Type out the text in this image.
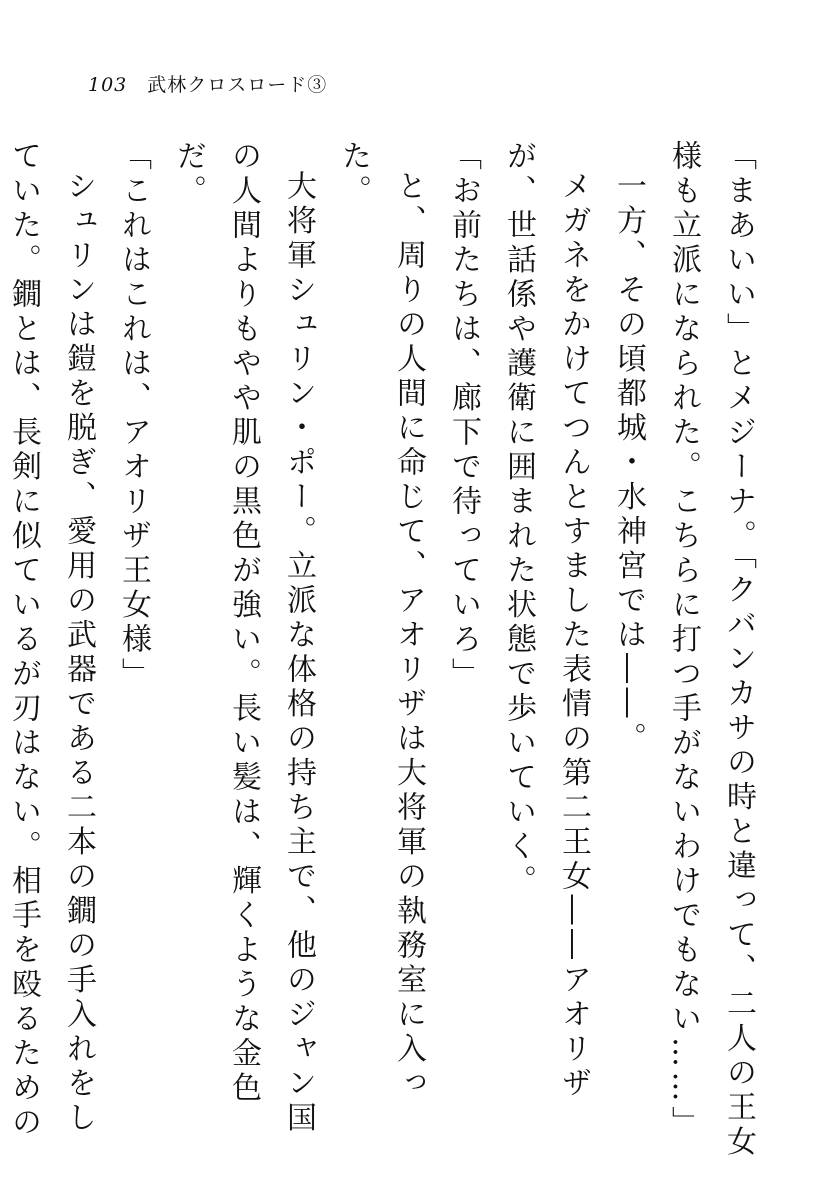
103 武林クロスロード③

「まあいい」とメジーナ。「クバンカサの時と違って、二人の王女様も立派になられた。こちらに打つ手がないわけでもない……」

一方、その頃都城・水神宮では――。

メガネをかけてつんとすました表情の第二王女――アオリザが、世話係や護衛に囲まれた状態で歩いていく。

「お前たちは、廊下で待っていろ」

と、周りの人間に命じて、アオリザは大将軍の執務室に入った。

大将軍シュリン・ポー。立派な体格の持ち主で、他のジャン国の人間よりもやや肌の黒色が強い。長い髪は、輝くような金色だ。

「これはこれは、アオリザ王女様」

シュリンは鎧を脱ぎ、愛用の武器である二本の鐗の手入れをしていた。鐗とは、長剣に似ているが刃はない。相手を殴るための
